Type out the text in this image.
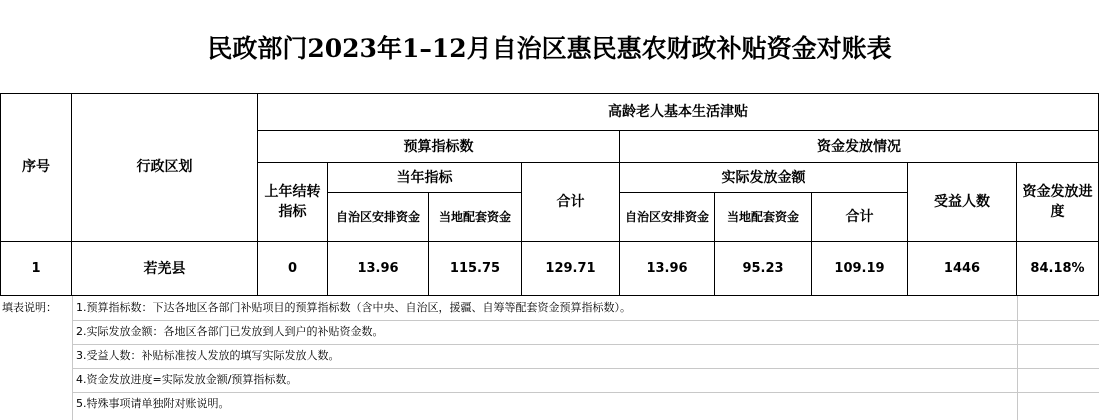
民政部门2023年1–12月自治区惠民惠农财政补贴资金对账表
序号	行政区划
高龄老人基本生活津贴
预算指标数	资金发放情况
上年结转指标
当年指标
自治区安排资金	当地配套资金
合计
实际发放金额
自治区安排资金	当地配套资金	合计
受益人数
资金发放进度
1	若羌县	0	13.96	115.75	129.71	13.96	95.23	109.19	1446	84.18%
填表说明： 1.预算指标数：下达各地区各部门补贴项目的预算指标数（含中央、自治区，援疆、自筹等配套资金预算指标数）。
2.实际发放金额：各地区各部门已发放到人到户的补贴资金数。
3.受益人数：补贴标准按人发放的填写实际发放人数。
4.资金发放进度=实际发放金额/预算指标数。
5.特殊事项请单独附对账说明。
